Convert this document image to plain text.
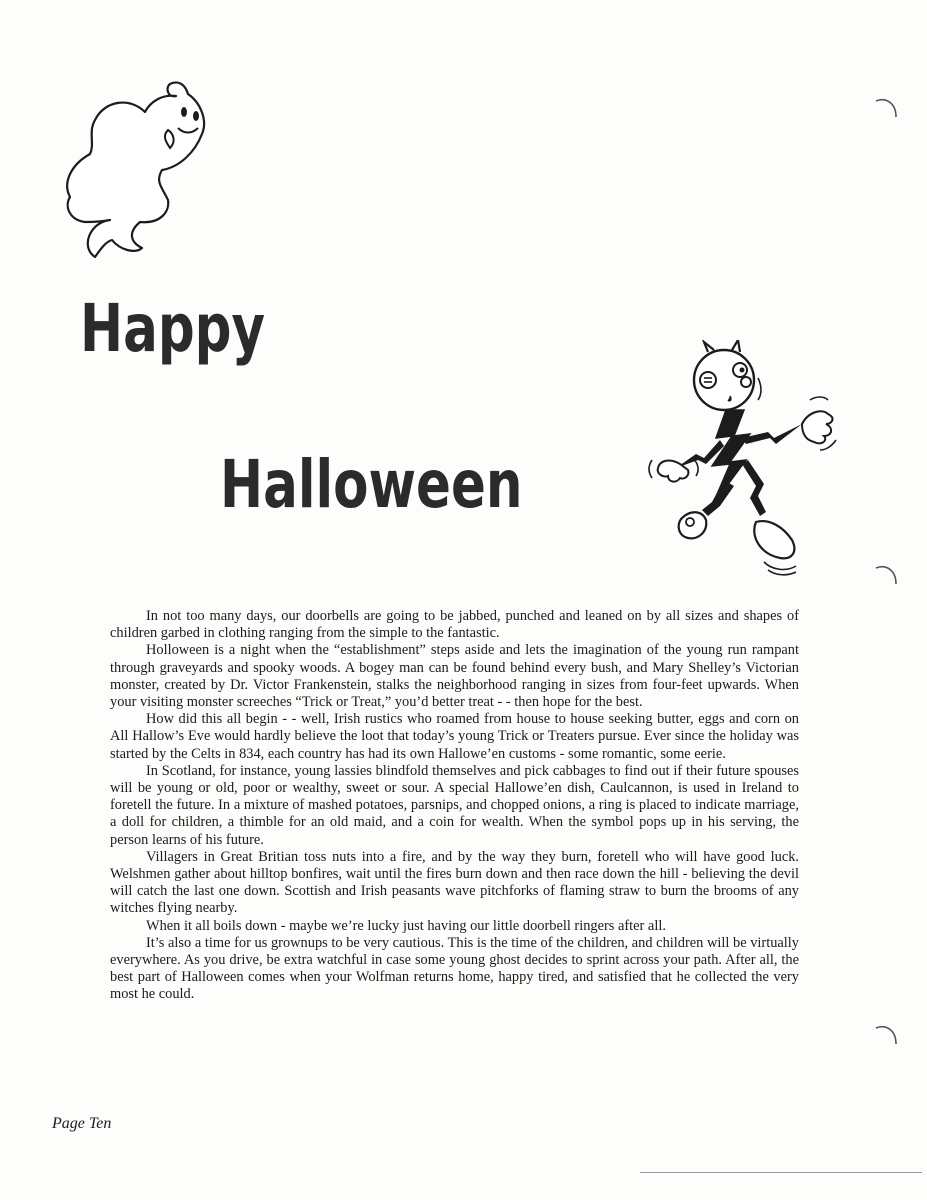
Happy
Halloween

In not too many days, our doorbells are going to be jabbed, punched and leaned on by all sizes and shapes of children garbed in clothing ranging from the simple to the fantastic.

Holloween is a night when the “establishment” steps aside and lets the imagination of the young run rampant through graveyards and spooky woods. A bogey man can be found behind every bush, and Mary Shelley’s Victorian monster, created by Dr. Victor Frankenstein, stalks the neighborhood ranging in sizes from four-feet upwards. When your visiting monster screeches “Trick or Treat,” you’d better treat - - then hope for the best.

How did this all begin - - well, Irish rustics who roamed from house to house seeking butter, eggs and corn on All Hallow’s Eve would hardly believe the loot that today’s young Trick or Treaters pursue. Ever since the holiday was started by the Celts in 834, each country has had its own Hallowe’en customs - some romantic, some eerie.

In Scotland, for instance, young lassies blindfold themselves and pick cabbages to find out if their future spouses will be young or old, poor or wealthy, sweet or sour. A special Hallowe’en dish, Caulcannon, is used in Ireland to foretell the future. In a mixture of mashed potatoes, parsnips, and chopped onions, a ring is placed to indicate marriage, a doll for children, a thimble for an old maid, and a coin for wealth. When the symbol pops up in his serving, the person learns of his future.

Villagers in Great Britian toss nuts into a fire, and by the way they burn, foretell who will have good luck. Welshmen gather about hilltop bonfires, wait until the fires burn down and then race down the hill - believing the devil will catch the last one down. Scottish and Irish peasants wave pitchforks of flaming straw to burn the brooms of any witches flying nearby.

When it all boils down - maybe we’re lucky just having our little doorbell ringers after all.

It’s also a time for us grownups to be very cautious. This is the time of the children, and children will be virtually everywhere. As you drive, be extra watchful in case some young ghost decides to sprint across your path. After all, the best part of Halloween comes when your Wolfman returns home, happy tired, and satisfied that he collected the very most he could.

Page Ten
